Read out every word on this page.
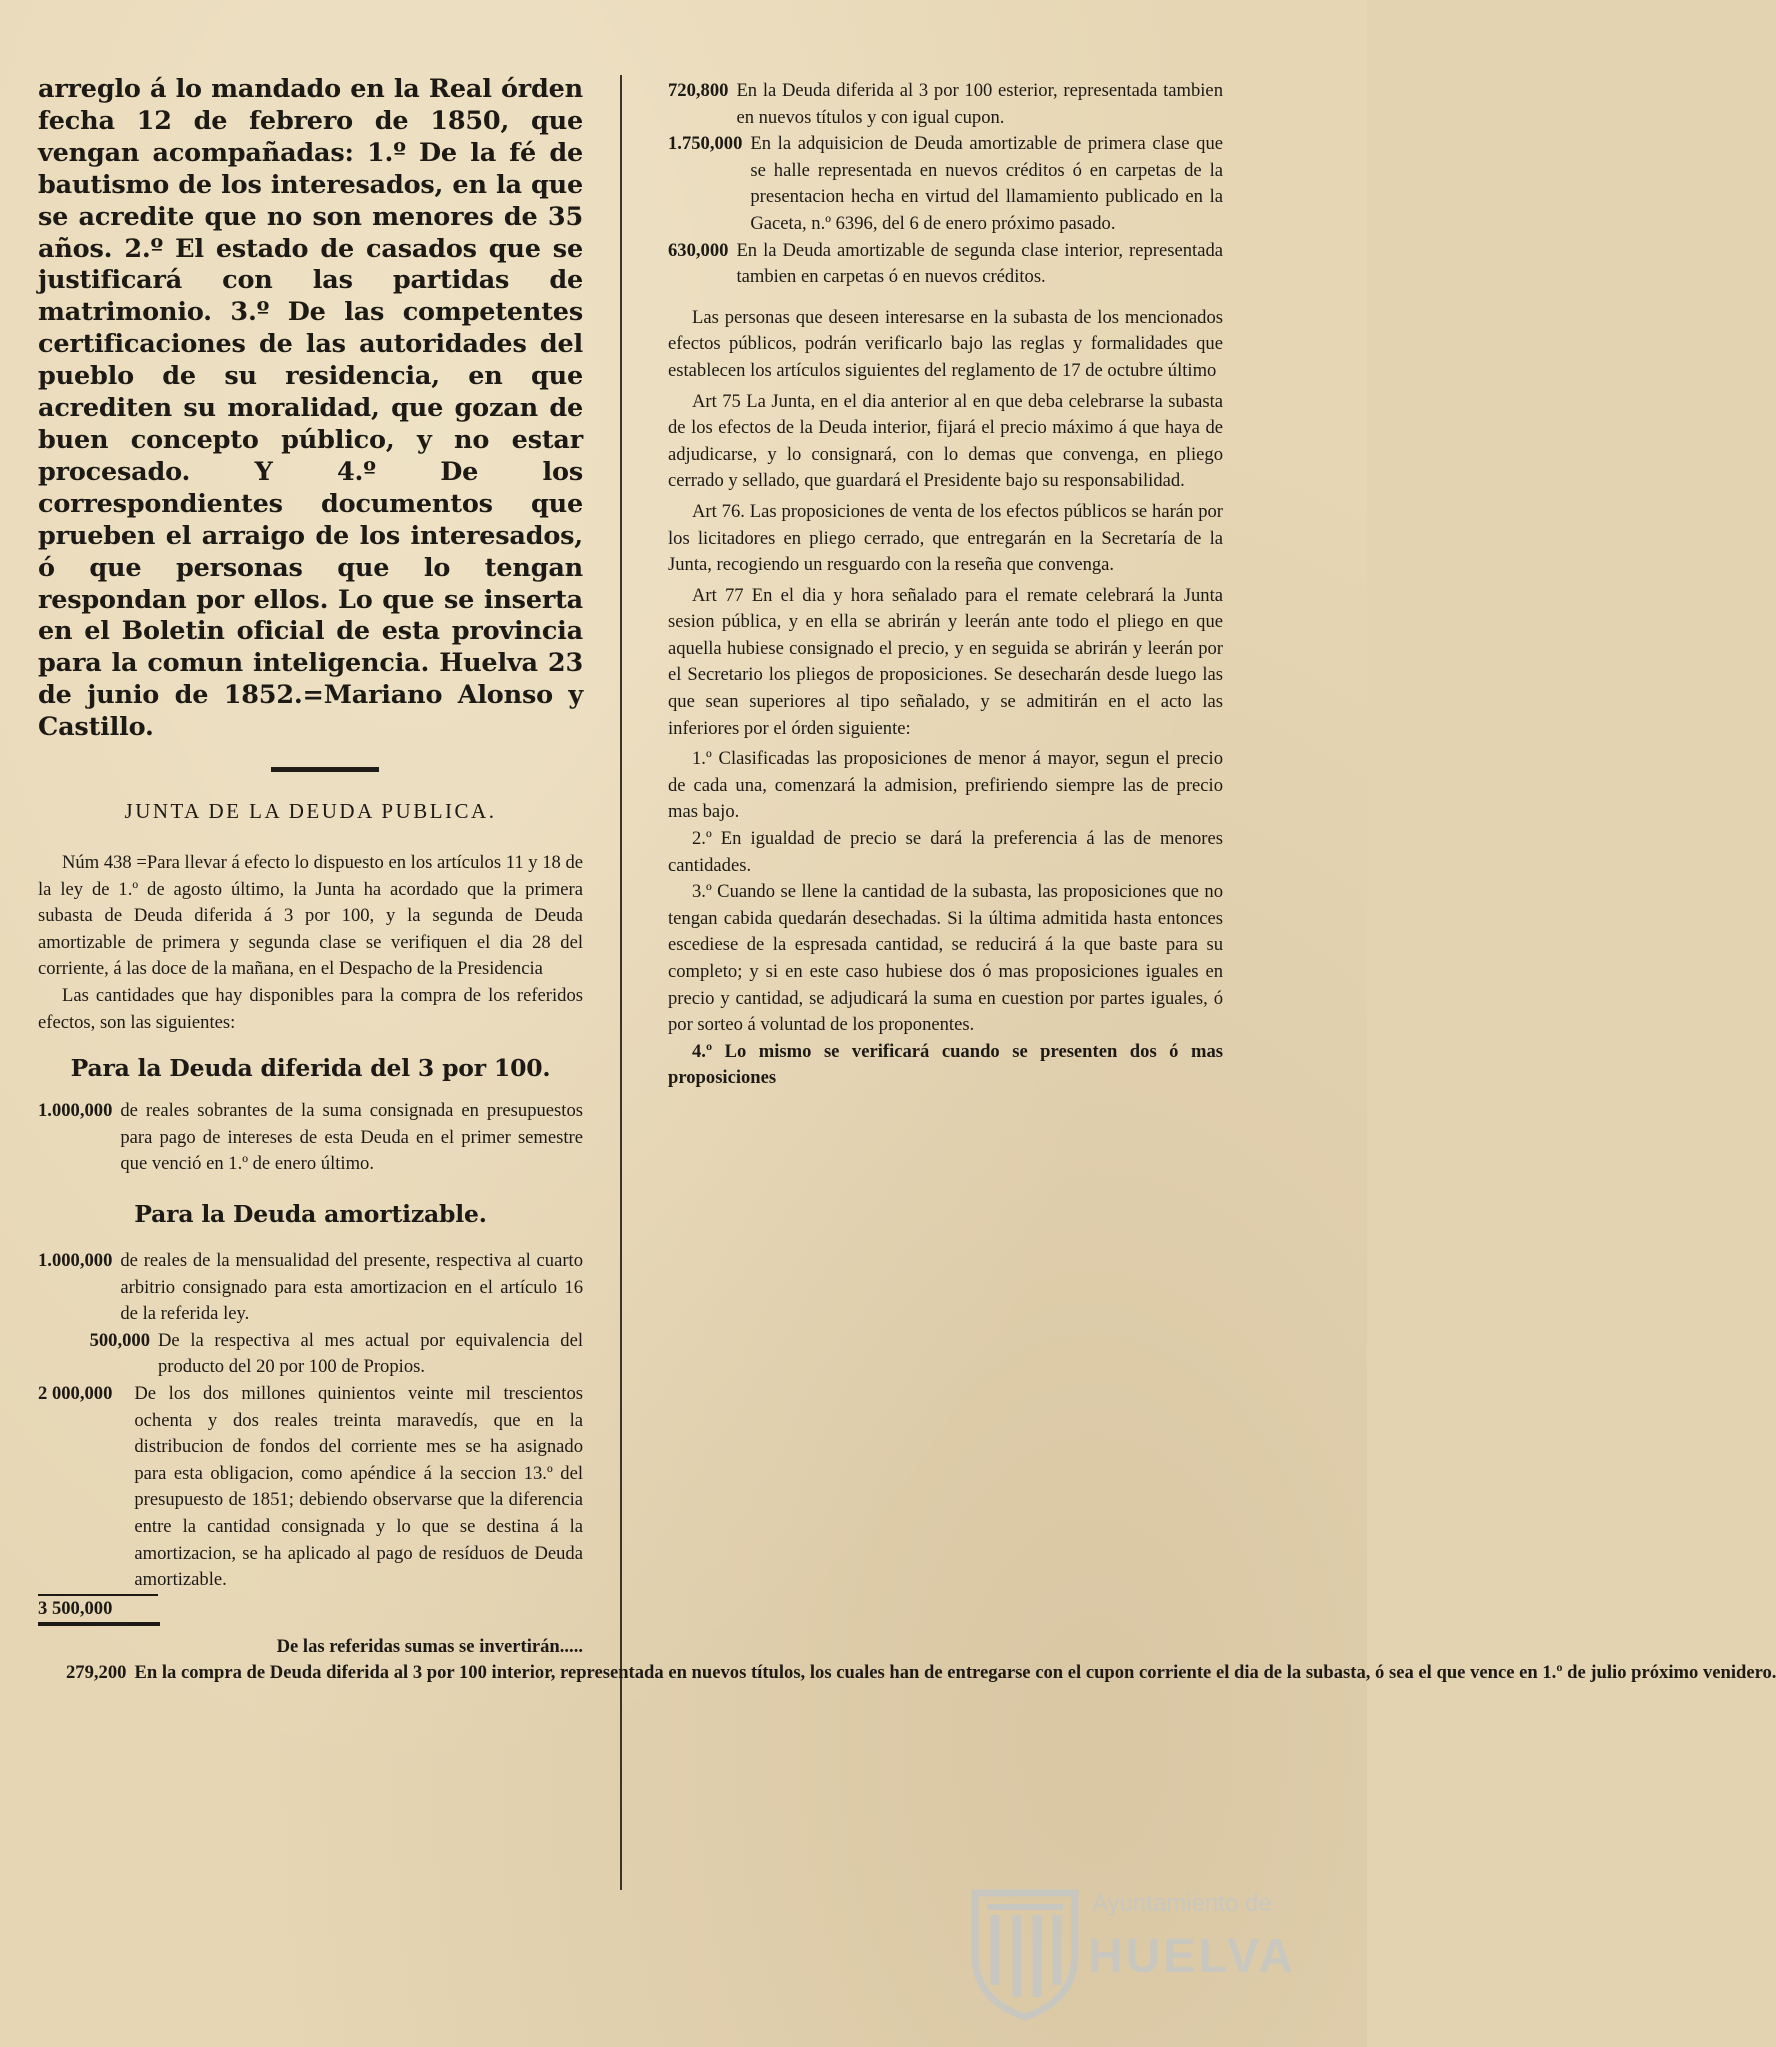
arreglo á lo mandado en la Real órden fecha 12 de febrero de 1850, que vengan acompañadas: 1.º De la fé de bautismo de los interesados, en la que se acredite que no son menores de 35 años. 2.º El estado de casados que se justificará con las partidas de matrimonio. 3.º De las competentes certificaciones de las autoridades del pueblo de su residencia, en que acrediten su moralidad, que gozan de buen concepto público, y no estar procesado. Y 4.º De los correspondientes documentos que prueben el arraigo de los interesados, ó que personas que lo tengan respondan por ellos. Lo que se inserta en el Boletin oficial de esta provincia para la comun inteligencia. Huelva 23 de junio de 1852.=Mariano Alonso y Castillo.

JUNTA DE LA DEUDA PUBLICA.

Núm 438 =Para llevar á efecto lo dispuesto en los artículos 11 y 18 de la ley de 1.º de agosto último, la Junta ha acordado que la primera subasta de Deuda diferida á 3 por 100, y la segunda de Deuda amortizable de primera y segunda clase se verifiquen el dia 28 del corriente, á las doce de la mañana, en el Despacho de la Presidencia

Las cantidades que hay disponibles para la compra de los referidos efectos, son las siguientes:

Para la Deuda diferida del 3 por 100.

1.000,000 de reales sobrantes de la suma consignada en presupuestos para pago de intereses de esta Deuda en el primer semestre que venció en 1.º de enero último.

Para la Deuda amortizable.

1.000,000 de reales de la mensualidad del presente, respectiva al cuarto arbitrio consignado para esta amortizacion en el artículo 16 de la referida ley.
500,000 De la respectiva al mes actual por equivalencia del producto del 20 por 100 de Propios.
2 000,000	De los dos millones quinientos veinte mil trescientos ochenta y dos reales treinta maravedís, que en la distribucion de fondos del corriente mes se ha asignado para esta obligacion, como apéndice á la seccion 13.º del presupuesto de 1851; debiendo observarse que la diferencia entre la cantidad consignada y lo que se destina á la amortizacion, se ha aplicado al pago de resíduos de Deuda amortizable.
3 500,000

De las referidas sumas se invertirán.....

279,200 En la compra de Deuda diferida al 3 por 100 interior, representada en nuevos títulos, los cuales han de entregarse con el cupon corriente el dia de la subasta, ó sea el que vence en 1.º de julio próximo venidero.
720,800 En la Deuda diferida al 3 por 100 esterior, representada tambien en nuevos títulos y con igual cupon.
1.750,000 En la adquisicion de Deuda amortizable de primera clase que se halle representada en nuevos créditos ó en carpetas de la presentacion hecha en virtud del llamamiento publicado en la Gaceta, n.º 6396, del 6 de enero próximo pasado.
630,000 En la Deuda amortizable de segunda clase interior, representada tambien en carpetas ó en nuevos créditos.

Las personas que deseen interesarse en la subasta de los mencionados efectos públicos, podrán verificarlo bajo las reglas y formalidades que establecen los artículos siguientes del reglamento de 17 de octubre último

Art 75 La Junta, en el dia anterior al en que deba celebrarse la subasta de los efectos de la Deuda interior, fijará el precio máximo á que haya de adjudicarse, y lo consignará, con lo demas que convenga, en pliego cerrado y sellado, que guardará el Presidente bajo su responsabilidad.

Art 76. Las proposiciones de venta de los efectos públicos se harán por los licitadores en pliego cerrado, que entregarán en la Secretaría de la Junta, recogiendo un resguardo con la reseña que convenga.

Art 77 En el dia y hora señalado para el remate celebrará la Junta sesion pública, y en ella se abrirán y leerán ante todo el pliego en que aquella hubiese consignado el precio, y en seguida se abrirán y leerán por el Secretario los pliegos de proposiciones. Se desecharán desde luego las que sean superiores al tipo señalado, y se admitirán en el acto las inferiores por el órden siguiente:

1.º Clasificadas las proposiciones de menor á mayor, segun el precio de cada una, comenzará la admision, prefiriendo siempre las de precio mas bajo.

2.º En igualdad de precio se dará la preferencia á las de menores cantidades.

3.º Cuando se llene la cantidad de la subasta, las proposiciones que no tengan cabida quedarán desechadas. Si la última admitida hasta entonces escediese de la espresada cantidad, se reducirá á la que baste para su completo; y si en este caso hubiese dos ó mas proposiciones iguales en precio y cantidad, se adjudicará la suma en cuestion por partes iguales, ó por sorteo á voluntad de los proponentes.

4.º Lo mismo se verificará cuando se presenten dos ó mas proposiciones

Ayuntamiento de
HUELVA
